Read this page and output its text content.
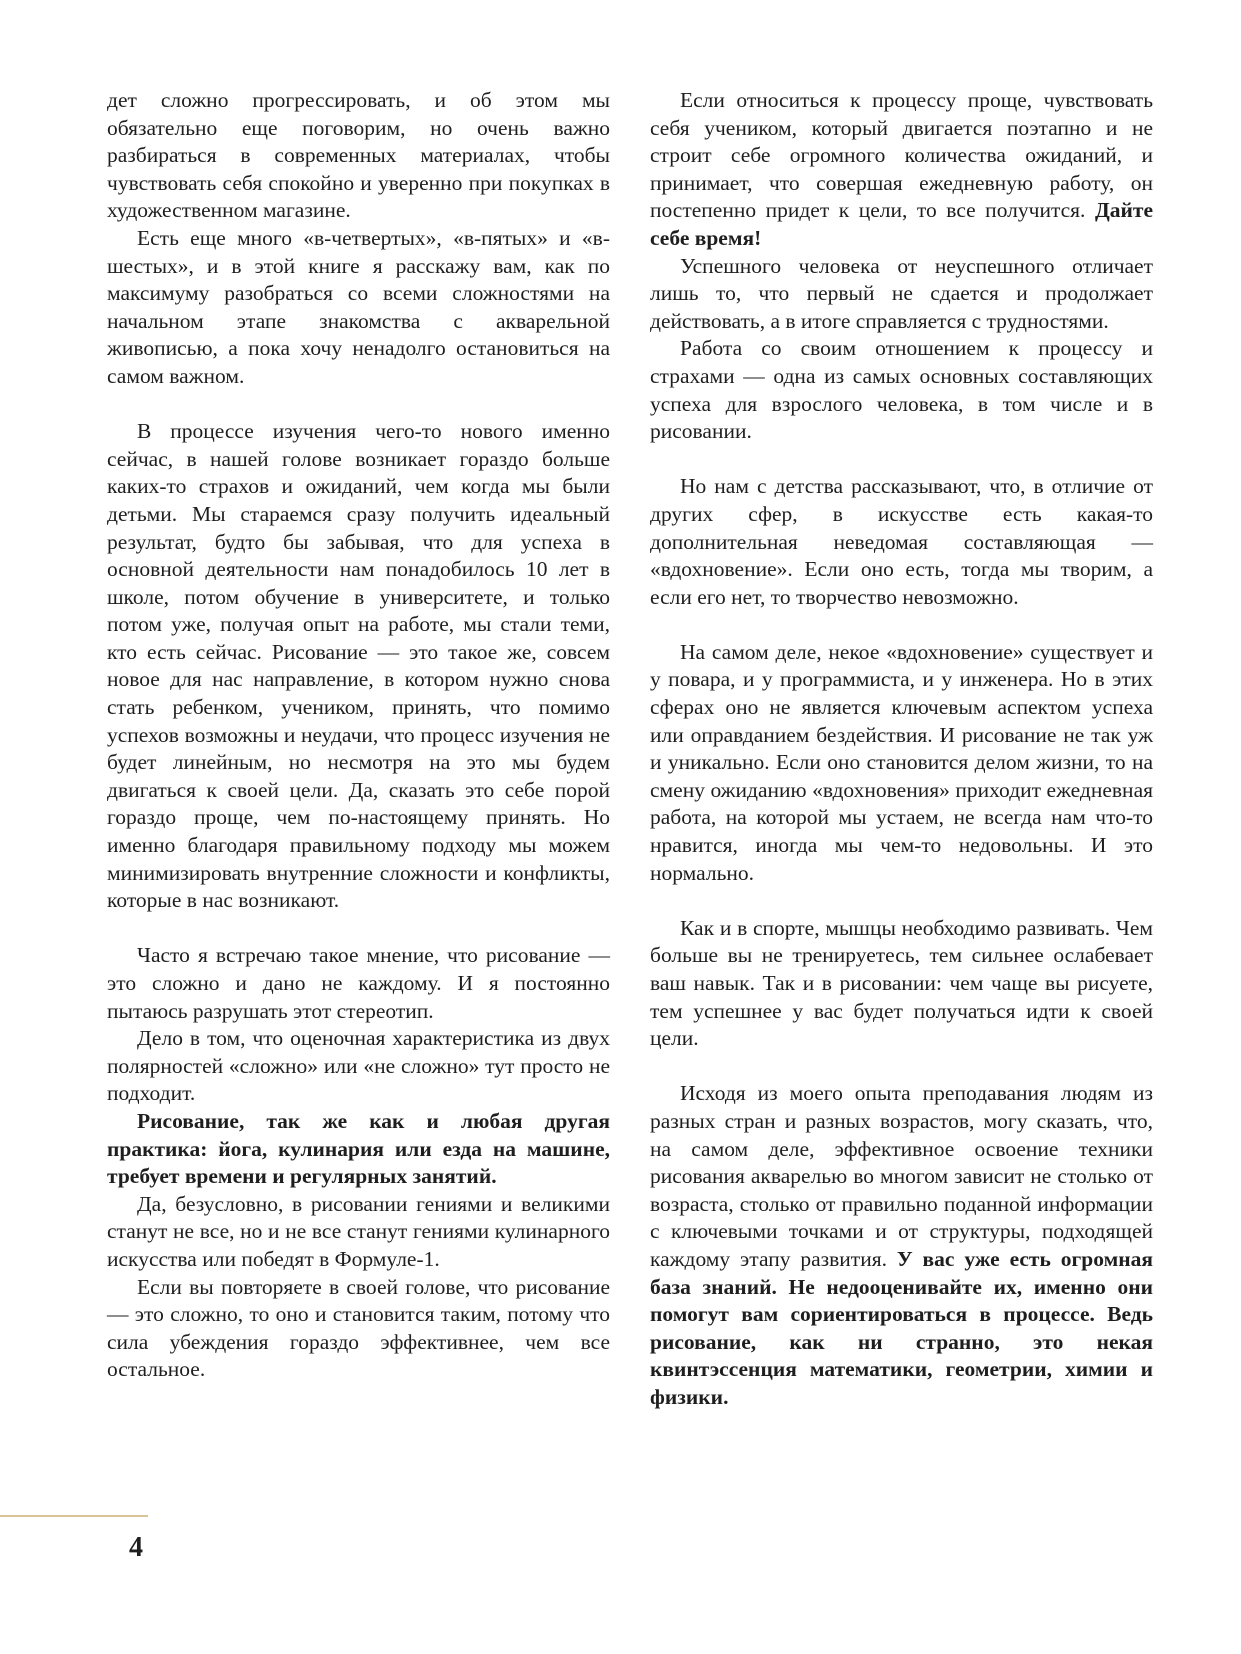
дет сложно прогрессировать, и об этом мы обязательно еще поговорим, но очень важно разбираться в современных материалах, чтобы чувствовать себя спокойно и уверенно при покупках в художественном магазине.

Есть еще много «в-четвертых», «в-пятых» и «в-шестых», и в этой книге я расскажу вам, как по максимуму разобраться со всеми сложностями на начальном этапе знакомства с акварельной живописью, а пока хочу ненадолго остановиться на самом важном.

В процессе изучения чего-то нового именно сейчас, в нашей голове возникает гораздо больше каких-то страхов и ожиданий, чем когда мы были детьми. Мы стараемся сразу получить идеальный результат, будто бы забывая, что для успеха в основной деятельности нам понадобилось 10 лет в школе, потом обучение в университете, и только потом уже, получая опыт на работе, мы стали теми, кто есть сейчас. Рисование — это такое же, совсем новое для нас направление, в котором нужно снова стать ребенком, учеником, принять, что помимо успехов возможны и неудачи, что процесс изучения не будет линейным, но несмотря на это мы будем двигаться к своей цели. Да, сказать это себе порой гораздо проще, чем по-настоящему принять. Но именно благодаря правильному подходу мы можем минимизировать внутренние сложности и конфликты, которые в нас возникают.

Часто я встречаю такое мнение, что рисование — это сложно и дано не каждому. И я постоянно пытаюсь разрушать этот стереотип.

Дело в том, что оценочная характеристика из двух полярностей «сложно» или «не сложно» тут просто не подходит.

Рисование, так же как и любая другая практика: йога, кулинария или езда на машине, требует времени и регулярных занятий.

Да, безусловно, в рисовании гениями и великими станут не все, но и не все станут гениями кулинарного искусства или победят в Формуле-1.

Если вы повторяете в своей голове, что рисование — это сложно, то оно и становится таким, потому что сила убеждения гораздо эффективнее, чем все остальное.

Если относиться к процессу проще, чувствовать себя учеником, который двигается поэтапно и не строит себе огромного количества ожиданий, и принимает, что совершая ежедневную работу, он постепенно придет к цели, то все получится. Дайте себе время!

Успешного человека от неуспешного отличает лишь то, что первый не сдается и продолжает действовать, а в итоге справляется с трудностями.

Работа со своим отношением к процессу и страхами — одна из самых основных составляющих успеха для взрослого человека, в том числе и в рисовании.

Но нам с детства рассказывают, что, в отличие от других сфер, в искусстве есть какая-то дополнительная неведомая составляющая — «вдохновение». Если оно есть, тогда мы творим, а если его нет, то творчество невозможно.

На самом деле, некое «вдохновение» существует и у повара, и у программиста, и у инженера. Но в этих сферах оно не является ключевым аспектом успеха или оправданием бездействия. И рисование не так уж и уникально. Если оно становится делом жизни, то на смену ожиданию «вдохновения» приходит ежедневная работа, на которой мы устаем, не всегда нам что-то нравится, иногда мы чем-то недовольны. И это нормально.

Как и в спорте, мышцы необходимо развивать. Чем больше вы не тренируетесь, тем сильнее ослабевает ваш навык. Так и в рисовании: чем чаще вы рисуете, тем успешнее у вас будет получаться идти к своей цели.

Исходя из моего опыта преподавания людям из разных стран и разных возрастов, могу сказать, что, на самом деле, эффективное освоение техники рисования акварелью во многом зависит не столько от возраста, столько от правильно поданной информации с ключевыми точками и от структуры, подходящей каждому этапу развития. У вас уже есть огромная база знаний. Не недооценивайте их, именно они помогут вам сориентироваться в процессе. Ведь рисование, как ни странно, это некая квинтэссенция математики, геометрии, химии и физики.

4
